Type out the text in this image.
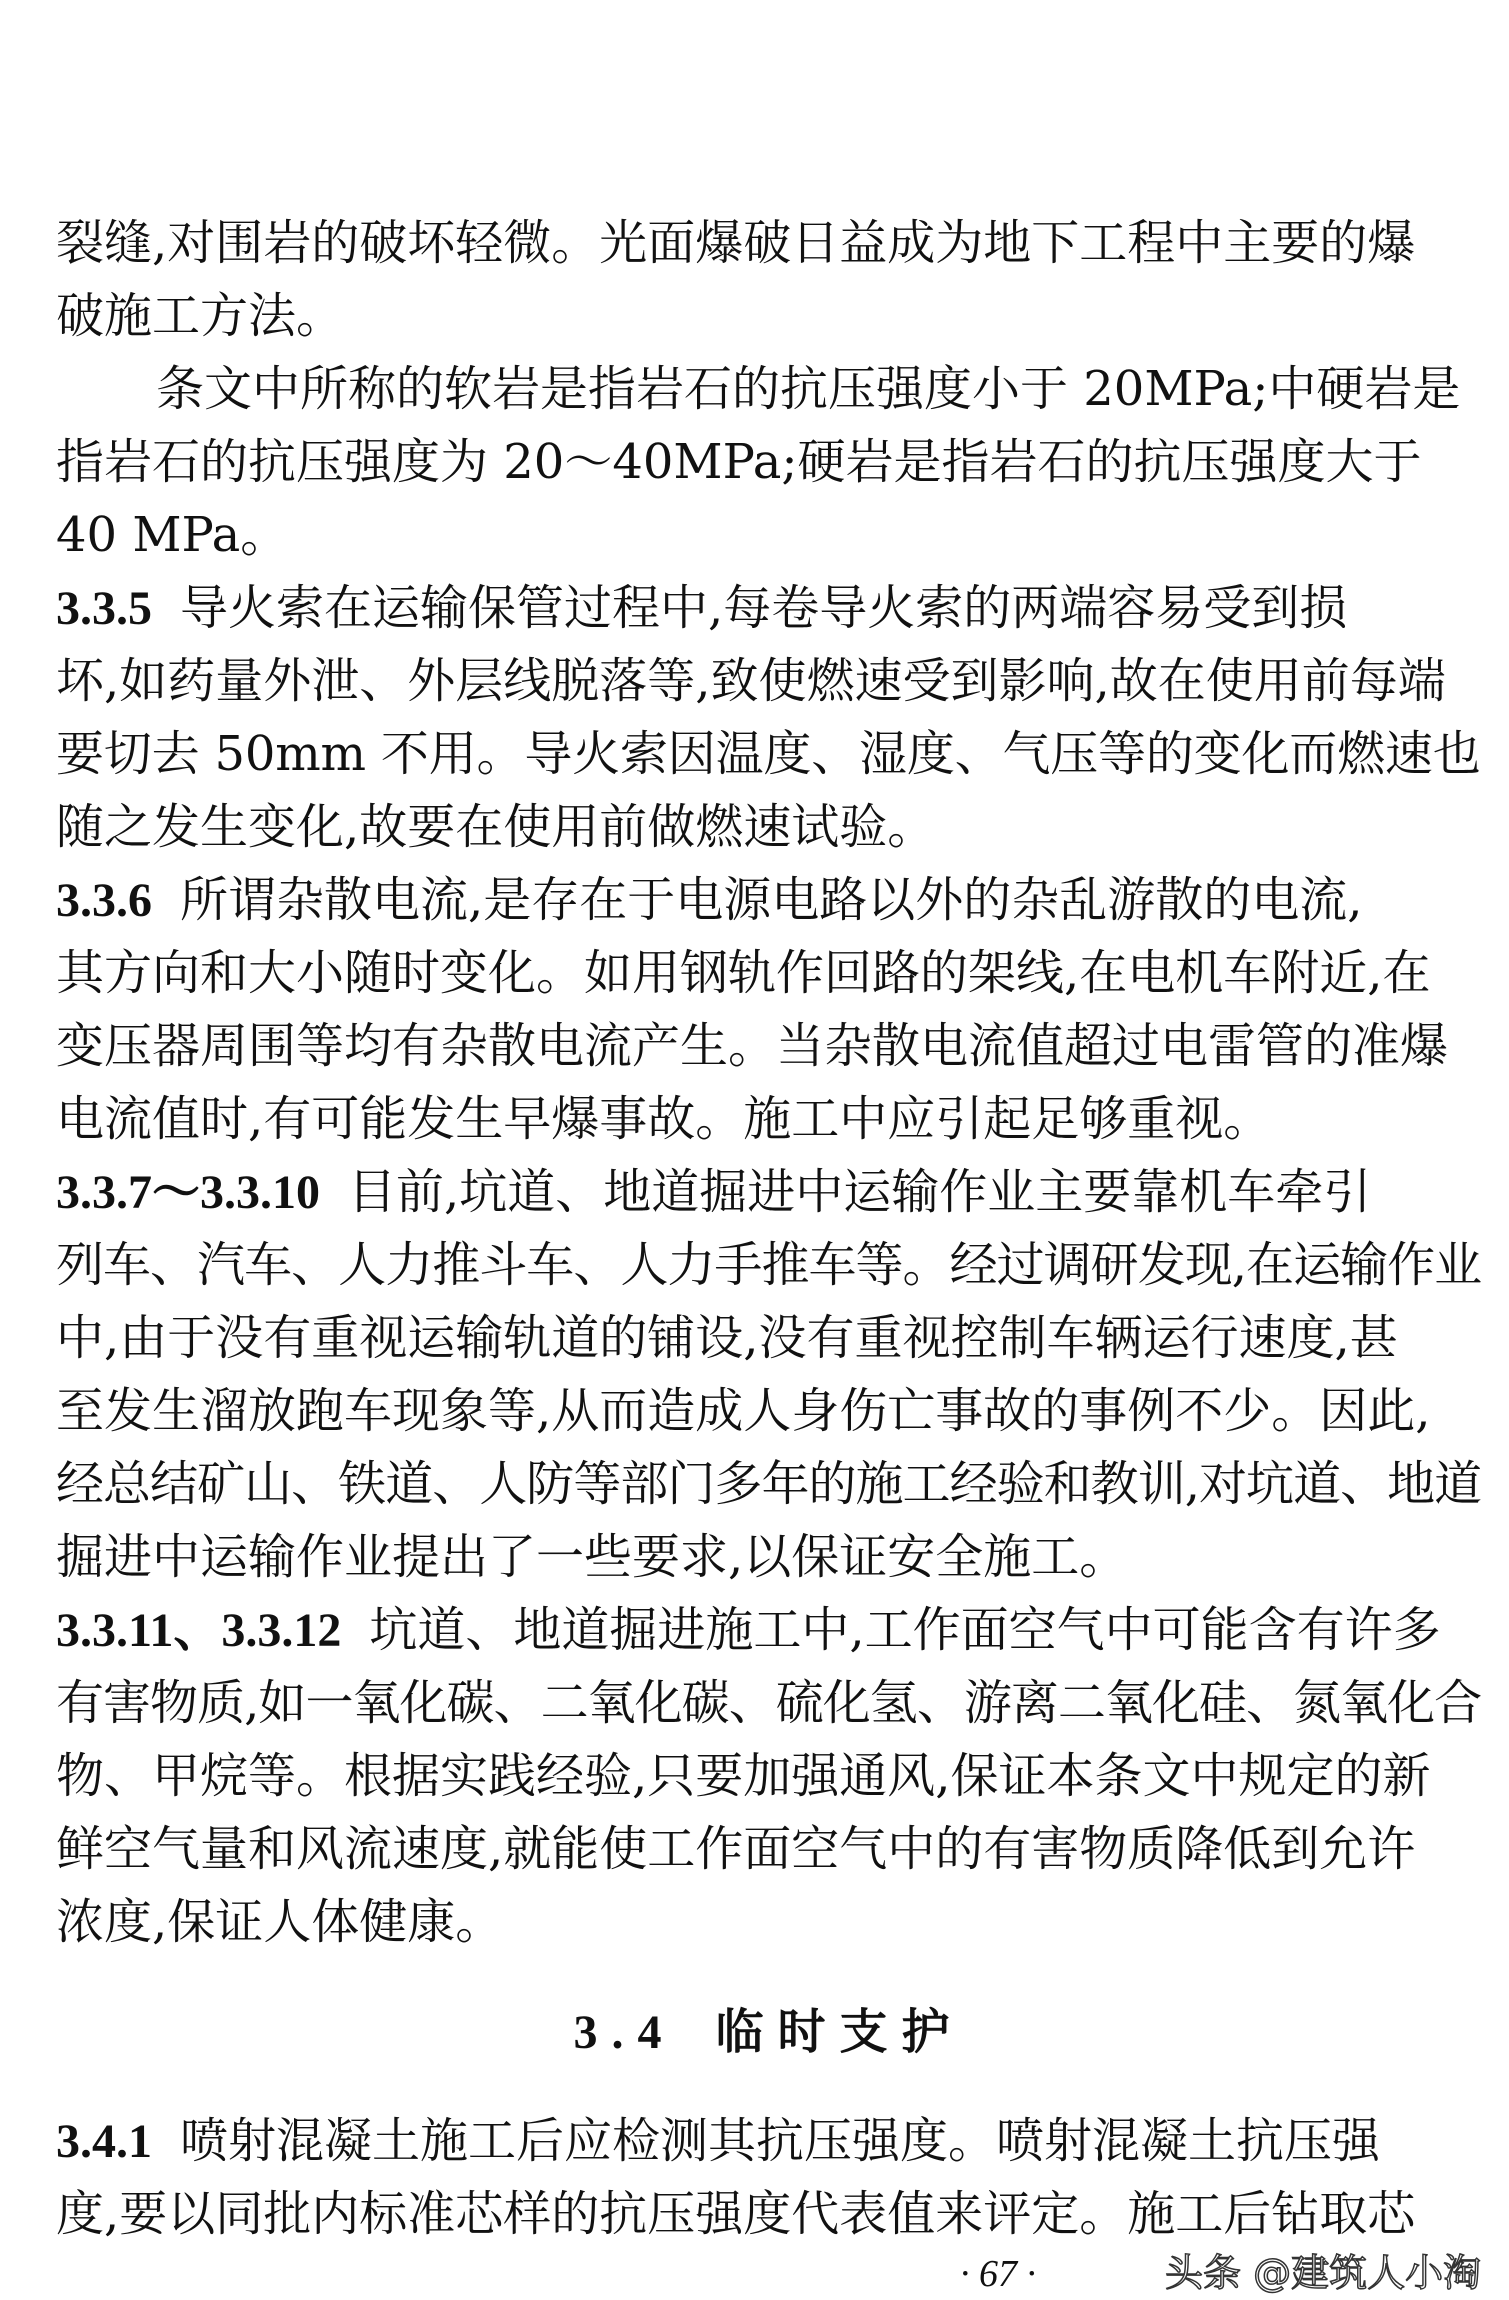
裂缝,对围岩的破坏轻微。光面爆破日益成为地下工程中主要的爆
破施工方法。
条文中所称的软岩是指岩石的抗压强度小于 20MPa;中硬岩是
指岩石的抗压强度为 20～40MPa;硬岩是指岩石的抗压强度大于
40 MPa。
3.3.5 导火索在运输保管过程中,每卷导火索的两端容易受到损
坏,如药量外泄、外层线脱落等,致使燃速受到影响,故在使用前每端
要切去 50mm 不用。导火索因温度、湿度、气压等的变化而燃速也
随之发生变化,故要在使用前做燃速试验。
3.3.6 所谓杂散电流,是存在于电源电路以外的杂乱游散的电流,
其方向和大小随时变化。如用钢轨作回路的架线,在电机车附近,在
变压器周围等均有杂散电流产生。当杂散电流值超过电雷管的准爆
电流值时,有可能发生早爆事故。施工中应引起足够重视。
3.3.7～3.3.10 目前,坑道、地道掘进中运输作业主要靠机车牵引
列车、汽车、人力推斗车、人力手推车等。经过调研发现,在运输作业
中,由于没有重视运输轨道的铺设,没有重视控制车辆运行速度,甚
至发生溜放跑车现象等,从而造成人身伤亡事故的事例不少。因此,
经总结矿山、铁道、人防等部门多年的施工经验和教训,对坑道、地道
掘进中运输作业提出了一些要求,以保证安全施工。
3.3.11、3.3.12 坑道、地道掘进施工中,工作面空气中可能含有许多
有害物质,如一氧化碳、二氧化碳、硫化氢、游离二氧化硅、氮氧化合
物、甲烷等。根据实践经验,只要加强通风,保证本条文中规定的新
鲜空气量和风流速度,就能使工作面空气中的有害物质降低到允许
浓度,保证人体健康。
3.4 临时支护
3.4.1 喷射混凝土施工后应检测其抗压强度。喷射混凝土抗压强
度,要以同批内标准芯样的抗压强度代表值来评定。施工后钻取芯
头条 @建筑人小淘
· 67 ·
